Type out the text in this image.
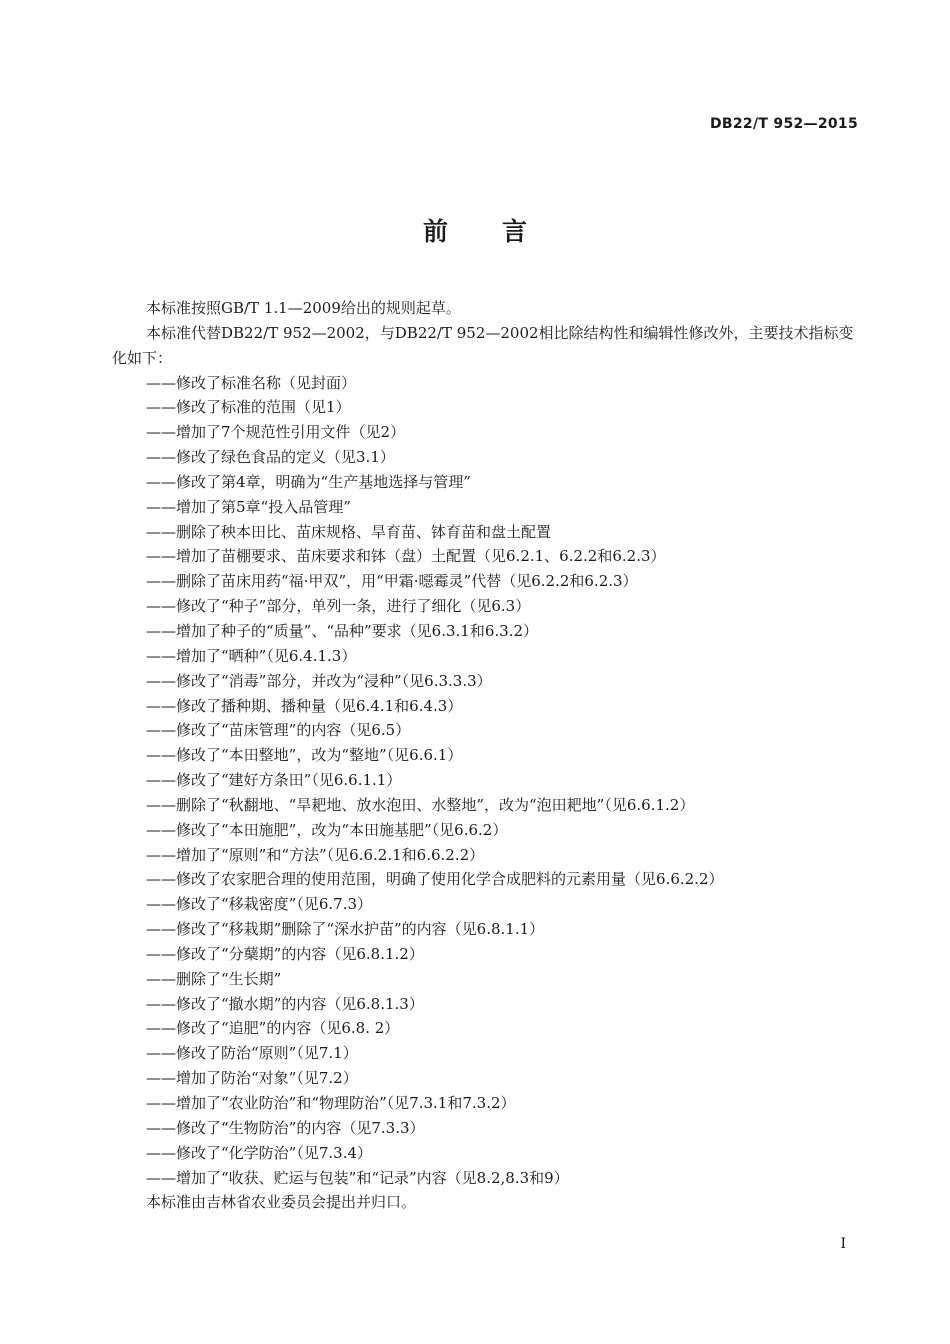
DB22/T 952—2015
前言

本标准按照GB/T 1.1—2009给出的规则起草。

本标准代替DB22/T 952—2002，与DB22/T 952—2002相比除结构性和编辑性修改外，主要技术指标变化如下：

——修改了标准名称（见封面）
——修改了标准的范围（见1）
——增加了7个规范性引用文件（见2）
——修改了绿色食品的定义（见3.1）
——修改了第4章，明确为“生产基地选择与管理”
——增加了第5章“投入品管理”
——删除了秧本田比、苗床规格、旱育苗、钵育苗和盘土配置
——增加了苗棚要求、苗床要求和钵（盘）土配置（见6.2.1、6.2.2和6.2.3）
——删除了苗床用药“福·甲双”，用“甲霜·噁霉灵”代替（见6.2.2和6.2.3）
——修改了“种子”部分，单列一条，进行了细化（见6.3）
——增加了种子的“质量”、“品种”要求（见6.3.1和6.3.2）
——增加了“晒种”（见6.4.1.3）
——修改了“消毒”部分，并改为“浸种”（见6.3.3.3）
——修改了播种期、播种量（见6.4.1和6.4.3）
——修改了“苗床管理”的内容（见6.5）
——修改了“本田整地”，改为“整地”（见6.6.1）
——修改了“建好方条田”（见6.6.1.1）
——删除了“秋翻地、“旱耙地、放水泡田、水整地”，改为“泡田耙地”（见6.6.1.2）
——修改了“本田施肥”，改为“本田施基肥”（见6.6.2）
——增加了“原则”和“方法”（见6.6.2.1和6.6.2.2）
——修改了农家肥合理的使用范围，明确了使用化学合成肥料的元素用量（见6.6.2.2）
——修改了“移栽密度”（见6.7.3）
——修改了“移栽期”删除了“深水护苗”的内容（见6.8.1.1）
——修改了“分蘖期”的内容（见6.8.1.2）
——删除了“生长期”
——修改了“撤水期”的内容（见6.8.1.3）
——修改了“追肥”的内容（见6.8. 2）
——修改了防治“原则”（见7.1）
——增加了防治“对象”（见7.2）
——增加了“农业防治”和“物理防治”（见7.3.1和7.3.2）
——修改了“生物防治”的内容（见7.3.3）
——修改了“化学防治”（见7.3.4）
——增加了“收获、贮运与包装”和“记录”内容（见8.2,8.3和9）

本标准由吉林省农业委员会提出并归口。

I
